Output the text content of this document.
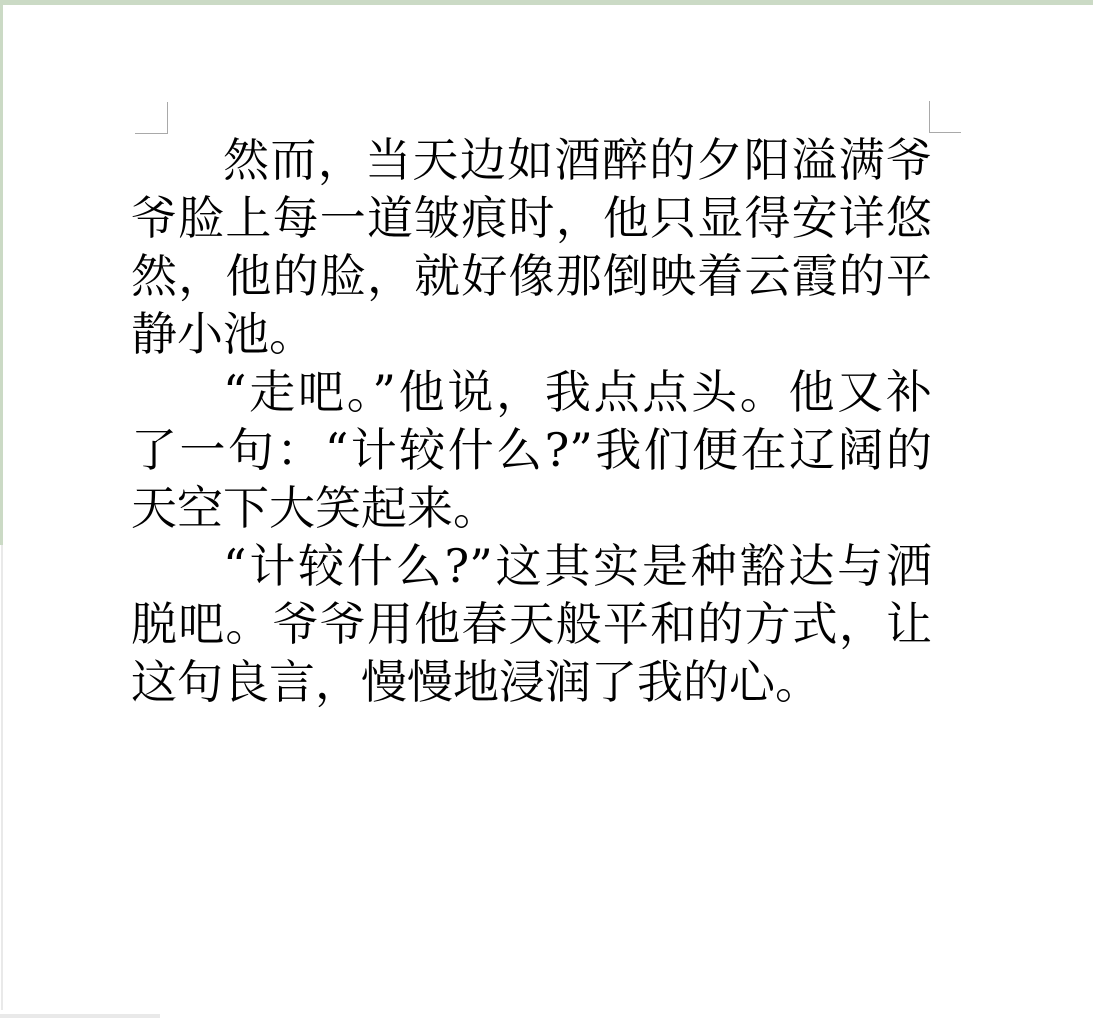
然而，当天边如酒醉的夕阳溢满爷爷脸上每一道皱痕时，他只显得安详悠然，他的脸，就好像那倒映着云霞的平静小池。

“走吧。”他说，我点点头。他又补了一句：“计较什么?”我们便在辽阔的天空下大笑起来。

“计较什么?”这其实是种豁达与洒脱吧。爷爷用他春天般平和的方式，让这句良言，慢慢地浸润了我的心。
